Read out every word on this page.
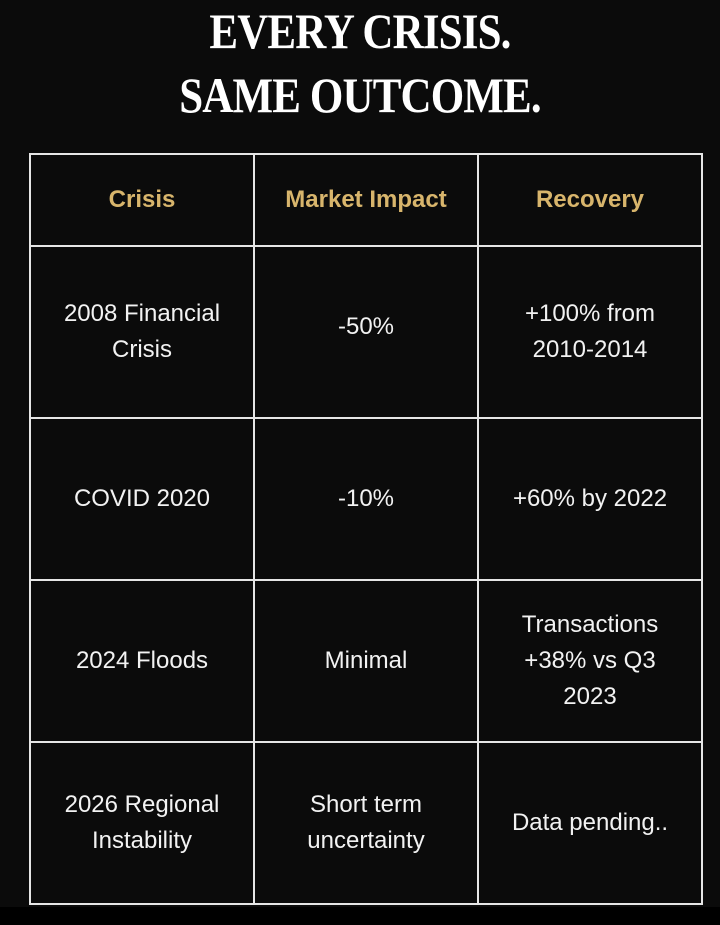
EVERY CRISIS.
SAME OUTCOME.
Crisis	Market Impact	Recovery
2008 Financial Crisis	-50%	+100% from 2010-2014
COVID 2020	-10%	+60% by 2022
2024 Floods	Minimal	Transactions +38% vs Q3 2023
2026 Regional Instability	Short term uncertainty	Data pending..
